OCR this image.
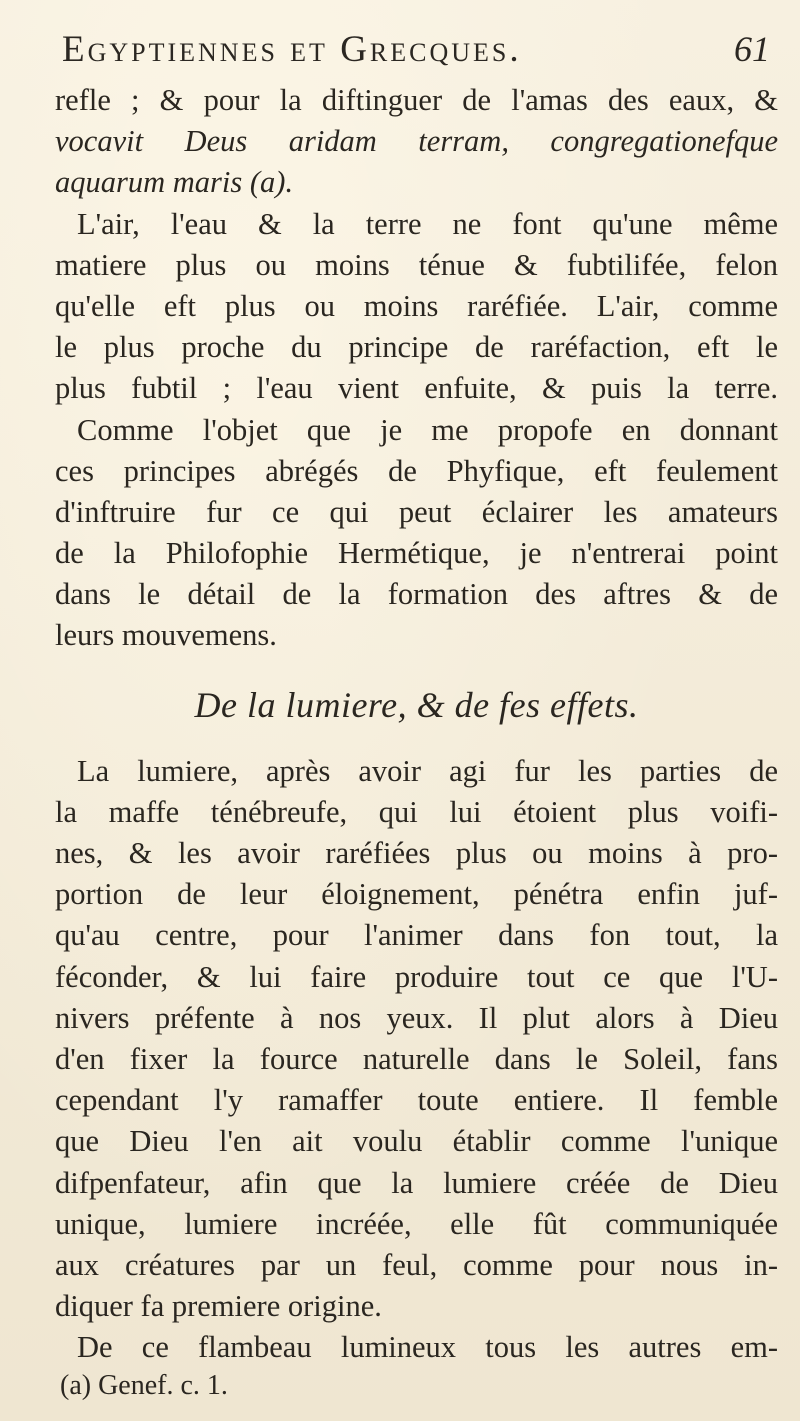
Egyptiennes et Grecques.	61
refle ; & pour la diftinguer de l'amas des eaux, &
vocavit Deus aridam terram, congregationefque
aquarum maris (a).
L'air, l'eau & la terre ne font qu'une même
matiere plus ou moins ténue & fubtilifée, felon
qu'elle eft plus ou moins raréfiée. L'air, comme
le plus proche du principe de raréfaction, eft le
plus fubtil ; l'eau vient enfuite, & puis la terre.
Comme l'objet que je me propofe en donnant
ces principes abrégés de Phyfique, eft feulement
d'inftruire fur ce qui peut éclairer les amateurs
de la Philofophie Hermétique, je n'entrerai point
dans le détail de la formation des aftres & de
leurs mouvemens.
De la lumiere, & de fes effets.
La lumiere, après avoir agi fur les parties de
la maffe ténébreufe, qui lui étoient plus voifi-
nes, & les avoir raréfiées plus ou moins à pro-
portion de leur éloignement, pénétra enfin juf-
qu'au centre, pour l'animer dans fon tout, la
féconder, & lui faire produire tout ce que l'U-
nivers préfente à nos yeux. Il plut alors à Dieu
d'en fixer la fource naturelle dans le Soleil, fans
cependant l'y ramaffer toute entiere. Il femble
que Dieu l'en ait voulu établir comme l'unique
difpenfateur, afin que la lumiere créée de Dieu
unique, lumiere incréée, elle fût communiquée
aux créatures par un feul, comme pour nous in-
diquer fa premiere origine.
De ce flambeau lumineux tous les autres em-
(a) Genef. c. 1.
